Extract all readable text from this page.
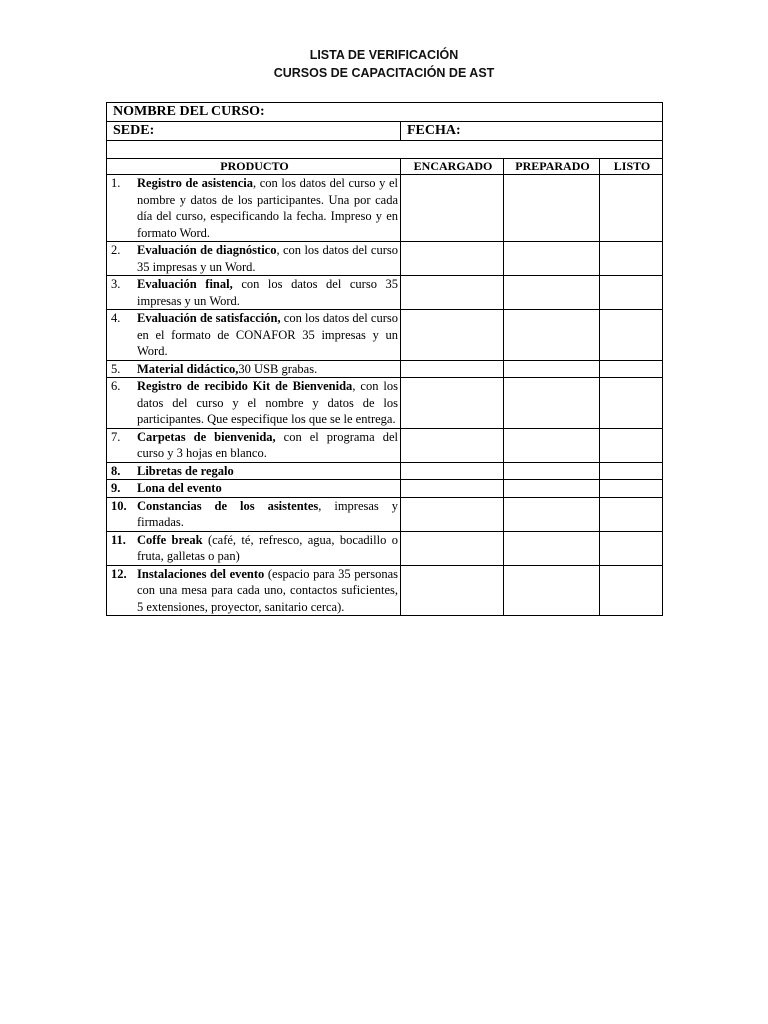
LISTA DE VERIFICACIÓN
CURSOS DE CAPACITACIÓN DE AST
NOMBRE DEL CURSO:			
SEDE:	FECHA:		

PRODUCTO	ENCARGADO	PREPARADO	LISTO

1. Registro de asistencia, con los datos del curso y el nombre y datos de los participantes. Una por cada día del curso, especificando la fecha. Impreso y en formato Word.			

2. Evaluación de diagnóstico, con los datos del curso 35 impresas y un Word.			

3. Evaluación final, con los datos del curso 35 impresas y un Word.			

4. Evaluación de satisfacción, con los datos del curso en el formato de CONAFOR 35 impresas y un Word.			

5. Material didáctico,30 USB grabas.			

6. Registro de recibido Kit de Bienvenida, con los datos del curso y el nombre y datos de los participantes. Que especifique los que se le entrega.			

7. Carpetas de bienvenida, con el programa del curso y 3 hojas en blanco.			

8. Libretas de regalo			

9. Lona del evento			

10. Constancias de los asistentes, impresas y firmadas.			

11. Coffe break (café, té, refresco, agua, bocadillo o fruta, galletas o pan)			

12. Instalaciones del evento (espacio para 35 personas con una mesa para cada uno, contactos suficientes, 5 extensiones, proyector, sanitario cerca).			
